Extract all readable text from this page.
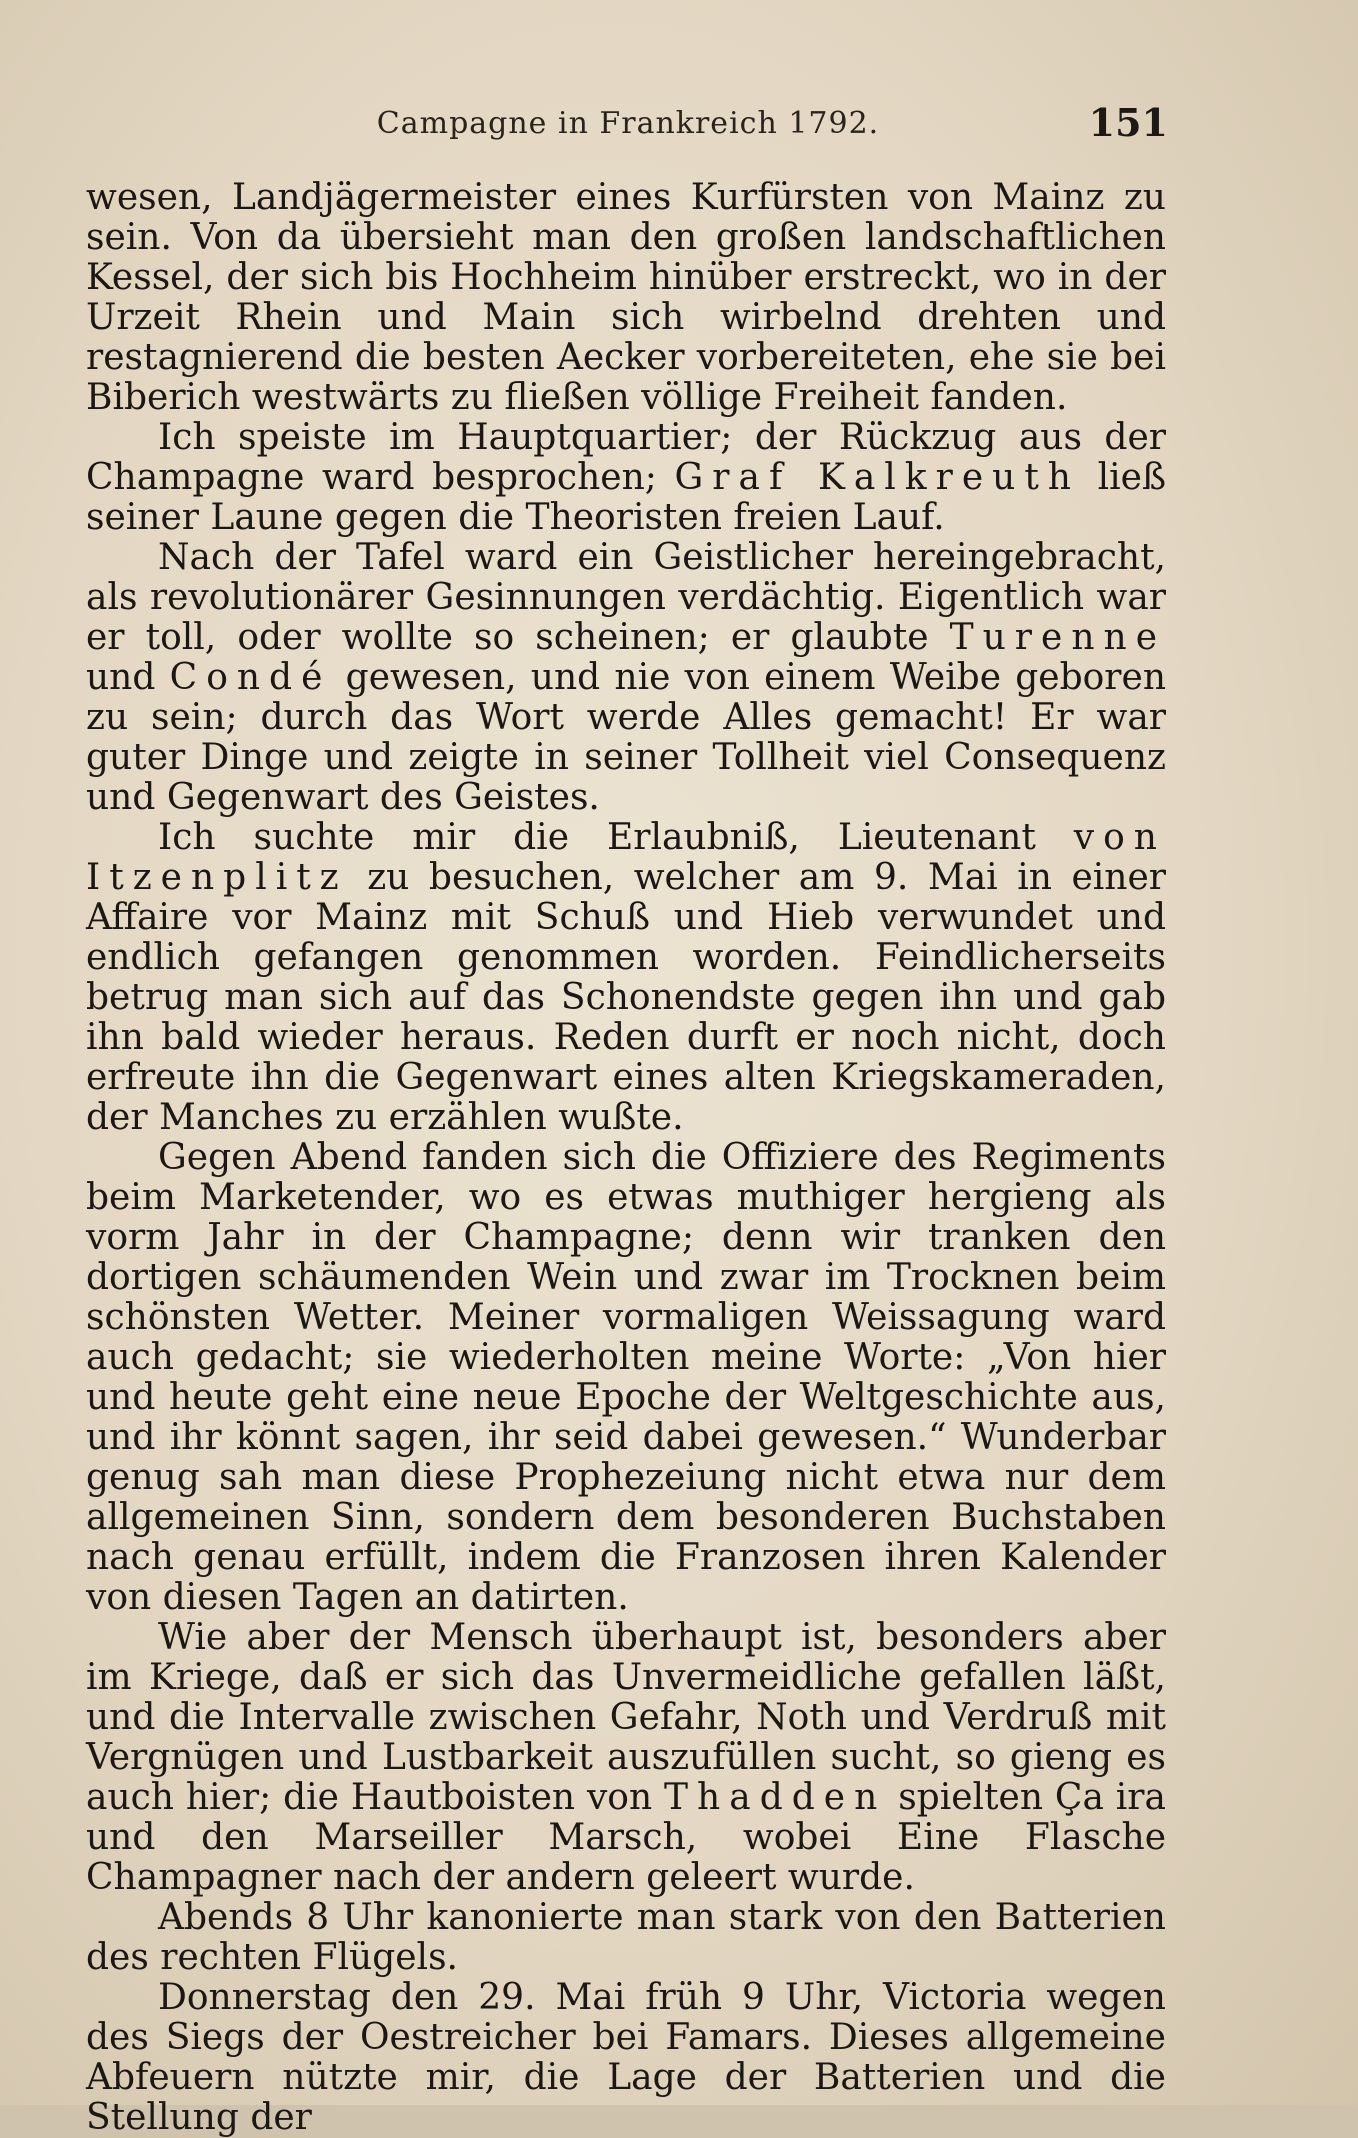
Campagne in Frankreich 1792.	151

wesen, Landjägermeister eines Kurfürsten von Mainz zu sein. Von da übersieht man den großen landschaftlichen Kessel, der sich bis Hochheim hinüber erstreckt, wo in der Urzeit Rhein und Main sich wirbelnd drehten und restagnierend die besten Aecker vorbereiteten, ehe sie bei Biberich westwärts zu fließen völlige Freiheit fanden.

Ich speiste im Hauptquartier; der Rückzug aus der Champagne ward besprochen; Graf Kalkreuth ließ seiner Laune gegen die Theoristen freien Lauf.

Nach der Tafel ward ein Geistlicher hereingebracht, als revolutionärer Gesinnungen verdächtig. Eigentlich war er toll, oder wollte so scheinen; er glaubte Turenne und Condé gewesen, und nie von einem Weibe geboren zu sein; durch das Wort werde Alles gemacht! Er war guter Dinge und zeigte in seiner Tollheit viel Consequenz und Gegenwart des Geistes.

Ich suchte mir die Erlaubniß, Lieutenant von Itzenplitz zu besuchen, welcher am 9. Mai in einer Affaire vor Mainz mit Schuß und Hieb verwundet und endlich gefangen genommen worden. Feindlicherseits betrug man sich auf das Schonendste gegen ihn und gab ihn bald wieder heraus. Reden durft er noch nicht, doch erfreute ihn die Gegenwart eines alten Kriegskameraden, der Manches zu erzählen wußte.

Gegen Abend fanden sich die Offiziere des Regiments beim Marketender, wo es etwas muthiger hergieng als vorm Jahr in der Champagne; denn wir tranken den dortigen schäumenden Wein und zwar im Trocknen beim schönsten Wetter. Meiner vormaligen Weissagung ward auch gedacht; sie wiederholten meine Worte: „Von hier und heute geht eine neue Epoche der Weltgeschichte aus, und ihr könnt sagen, ihr seid dabei gewesen.“ Wunderbar genug sah man diese Prophezeiung nicht etwa nur dem allgemeinen Sinn, sondern dem besonderen Buchstaben nach genau erfüllt, indem die Franzosen ihren Kalender von diesen Tagen an datirten.

Wie aber der Mensch überhaupt ist, besonders aber im Kriege, daß er sich das Unvermeidliche gefallen läßt, und die Intervalle zwischen Gefahr, Noth und Verdruß mit Vergnügen und Lustbarkeit auszufüllen sucht, so gieng es auch hier; die Hautboisten von Thadden spielten Ça ira und den Marseiller Marsch, wobei Eine Flasche Champagner nach der andern geleert wurde.

Abends 8 Uhr kanonierte man stark von den Batterien des rechten Flügels.

Donnerstag den 29. Mai früh 9 Uhr, Victoria wegen des Siegs der Oestreicher bei Famars. Dieses allgemeine Abfeuern nützte mir, die Lage der Batterien und die Stellung der
